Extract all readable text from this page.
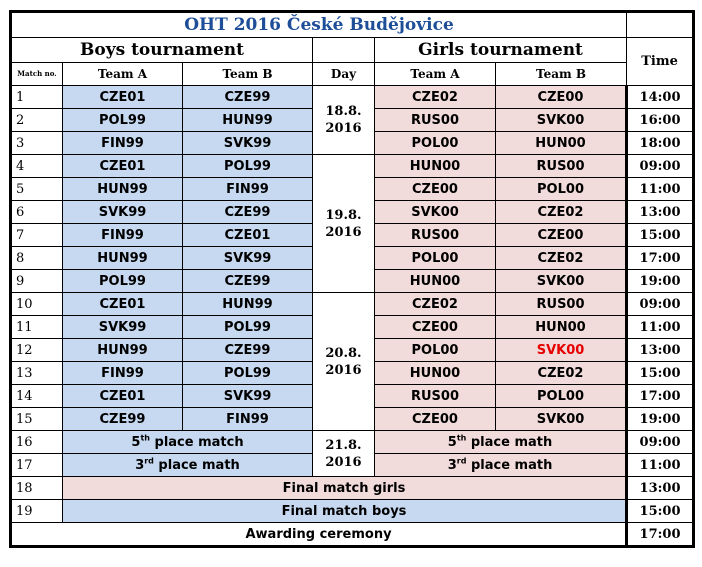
OHT 2016 České Budějovice						
Boys tournament				Girls tournament		Time
Match no.	Team A	Team B	Day	Team A	Team B	
1	CZE01	CZE99	18.8. 2016	CZE02	CZE00	14:00
2	POL99	HUN99		RUS00	SVK00	16:00
3	FIN99	SVK99		POL00	HUN00	18:00
4	CZE01	POL99	19.8. 2016	HUN00	RUS00	09:00
5	HUN99	FIN99		CZE00	POL00	11:00
6	SVK99	CZE99		SVK00	CZE02	13:00
7	FIN99	CZE01		RUS00	CZE00	15:00
8	HUN99	SVK99		POL00	CZE02	17:00
9	POL99	CZE99		HUN00	SVK00	19:00
10	CZE01	HUN99	20.8. 2016	CZE02	RUS00	09:00
11	SVK99	POL99		CZE00	HUN00	11:00
12	HUN99	CZE99		POL00	SVK00	13:00
13	FIN99	POL99		HUN00	CZE02	15:00
14	CZE01	SVK99		RUS00	POL00	17:00
15	CZE99	FIN99		CZE00	SVK00	19:00
16	5th place match		21.8. 2016	5th place math		09:00
17	3rd place math			3rd place math		11:00
18	Final match girls					13:00
19	Final match boys					15:00
Awarding ceremony						17:00
